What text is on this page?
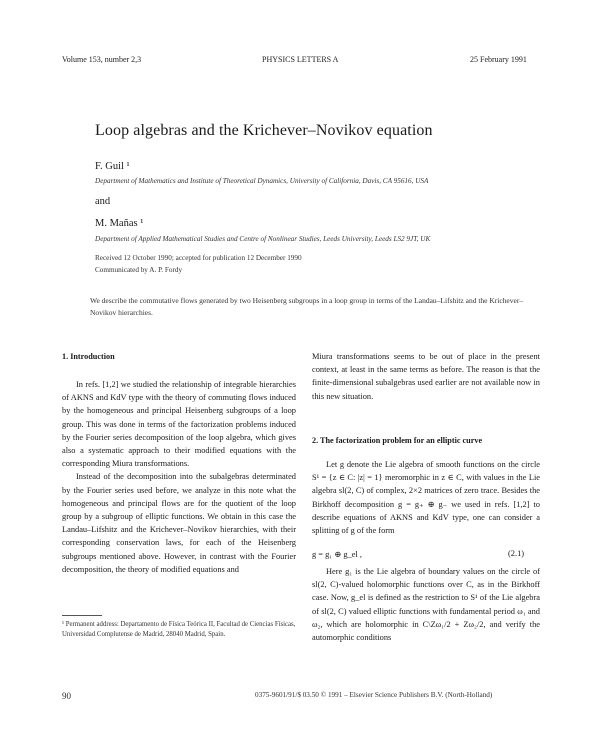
Volume 153, number 2,3	PHYSICS LETTERS A	25 February 1991
Loop algebras and the Krichever–Novikov equation
F. Guil ¹
Department of Mathematics and Institute of Theoretical Dynamics, University of California, Davis, CA 95616, USA
and
M. Mañas ¹
Department of Applied Mathematical Studies and Centre of Nonlinear Studies, Leeds University, Leeds LS2 9JT, UK
Received 12 October 1990; accepted for publication 12 December 1990
Communicated by A. P. Fordy
We describe the commutative flows generated by two Heisenberg subgroups in a loop group in terms of the Landau–Lifshitz and the Krichever–Novikov hierarchies.
1. Introduction

In refs. [1,2] we studied the relationship of integrable hierarchies of AKNS and KdV type with the theory of commuting flows induced by the homogeneous and principal Heisenberg subgroups of a loop group. This was done in terms of the factorization problems induced by the Fourier series decomposition of the loop algebra, which gives also a systematic approach to their modified equations with the corresponding Miura transformations.

Instead of the decomposition into the subalgebras determinated by the Fourier series used before, we analyze in this note what the homogeneous and principal flows are for the quotient of the loop group by a subgroup of elliptic functions. We obtain in this case the Landau–Lifshitz and the Krichever–Novikov hierarchies, with their corresponding conservation laws, for each of the Heisenberg subgroups mentioned above. However, in contrast with the Fourier decomposition, the theory of modified equations and

¹ Permanent address: Departamento de Física Teórica II, Facultad de Ciencias Físicas, Universidad Complutense de Madrid, 28040 Madrid, Spain.

Miura transformations seems to be out of place in the present context, at least in the same terms as before. The reason is that the finite-dimensional subalgebras used earlier are not available now in this new situation.

2. The factorization problem for an elliptic curve

Let g denote the Lie algebra of smooth functions on the circle S¹ = {z ∈ C: |z| = 1} meromorphic in z ∈ C, with values in the Lie algebra sl(2, C) of complex, 2×2 matrices of zero trace. Besides the Birkhoff decomposition g = g₊ ⊕ g₋ we used in refs. [1,2] to describe equations of AKNS and KdV type, one can consider a splitting of g of the form

g = g₁ ⊕ g_el ,	(2.1)

Here g₁ is the Lie algebra of boundary values on the circle of sl(2, C)-valued holomorphic functions over C, as in the Birkhoff case. Now, g_el is defined as the restriction to S¹ of the Lie algebra of sl(2, C) valued elliptic functions with fundamental period ω₁ and ω₂, which are holomorphic in C\Zω₁/2 + Zω₂/2, and verify the automorphic conditions

90	0375-9601/91/$ 03.50 © 1991 – Elsevier Science Publishers B.V. (North-Holland)
